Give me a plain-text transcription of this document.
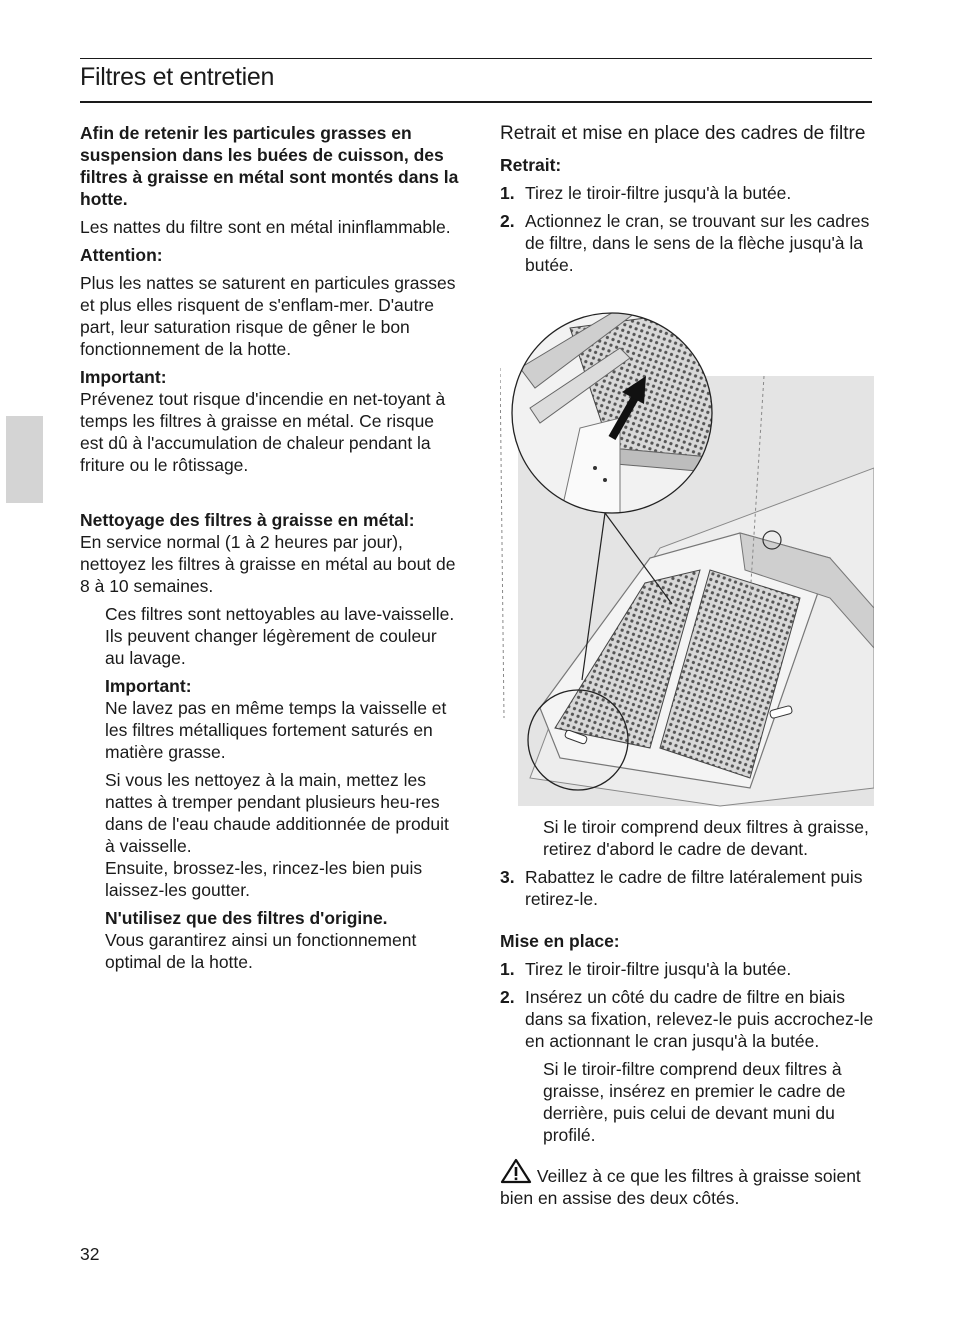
Filtres et entretien

Afin de retenir les particules grasses en suspension dans les buées de cuisson, des filtres à graisse en métal sont montés dans la hotte.

Les nattes du filtre sont en métal ininflammable.

Attention:

Plus les nattes se saturent en particules grasses et plus elles risquent de s'enflam-mer. D'autre part, leur saturation risque de gêner le bon fonctionnement de la hotte.

Important:

Prévenez tout risque d'incendie en net-toyant à temps les filtres à graisse en métal. Ce risque est dû à l'accumulation de chaleur pendant la friture ou le rôtissage.

Nettoyage des filtres à graisse en métal:

En service normal (1 à 2 heures par jour), nettoyez les filtres à graisse en métal au bout de 8 à 10 semaines.

Ces filtres sont nettoyables au lave-vaisselle.

Ils peuvent changer légèrement de couleur au lavage.

Important:

Ne lavez pas en même temps la vaisselle et les filtres métalliques fortement saturés en matière grasse.

Si vous les nettoyez à la main, mettez les nattes à tremper pendant plusieurs heu-res dans de l'eau chaude additionnée de produit à vaisselle.

Ensuite, brossez-les, rincez-les bien puis laissez-les goutter.

N'utilisez que des filtres d'origine.

Vous garantirez ainsi un fonctionnement optimal de la hotte.

Retrait et mise en place des cadres de filtre

Retrait:

1. Tirez le tiroir-filtre jusqu'à la butée.
2. Actionnez le cran, se trouvant sur les cadres de filtre, dans le sens de la flèche jusqu'à la butée.

Si le tiroir comprend deux filtres à graisse, retirez d'abord le cadre de devant.

3. Rabattez le cadre de filtre latéralement puis retirez-le.

Mise en place:

1. Tirez le tiroir-filtre jusqu'à la butée.
2. Insérez un côté du cadre de filtre en biais dans sa fixation, relevez-le puis accrochez-le en actionnant le cran jusqu'à la butée.

Si le tiroir-filtre comprend deux filtres à graisse, insérez en premier le cadre de derrière, puis celui de devant muni du profilé.

Veillez à ce que les filtres à graisse soient bien en assise des deux côtés.

32
